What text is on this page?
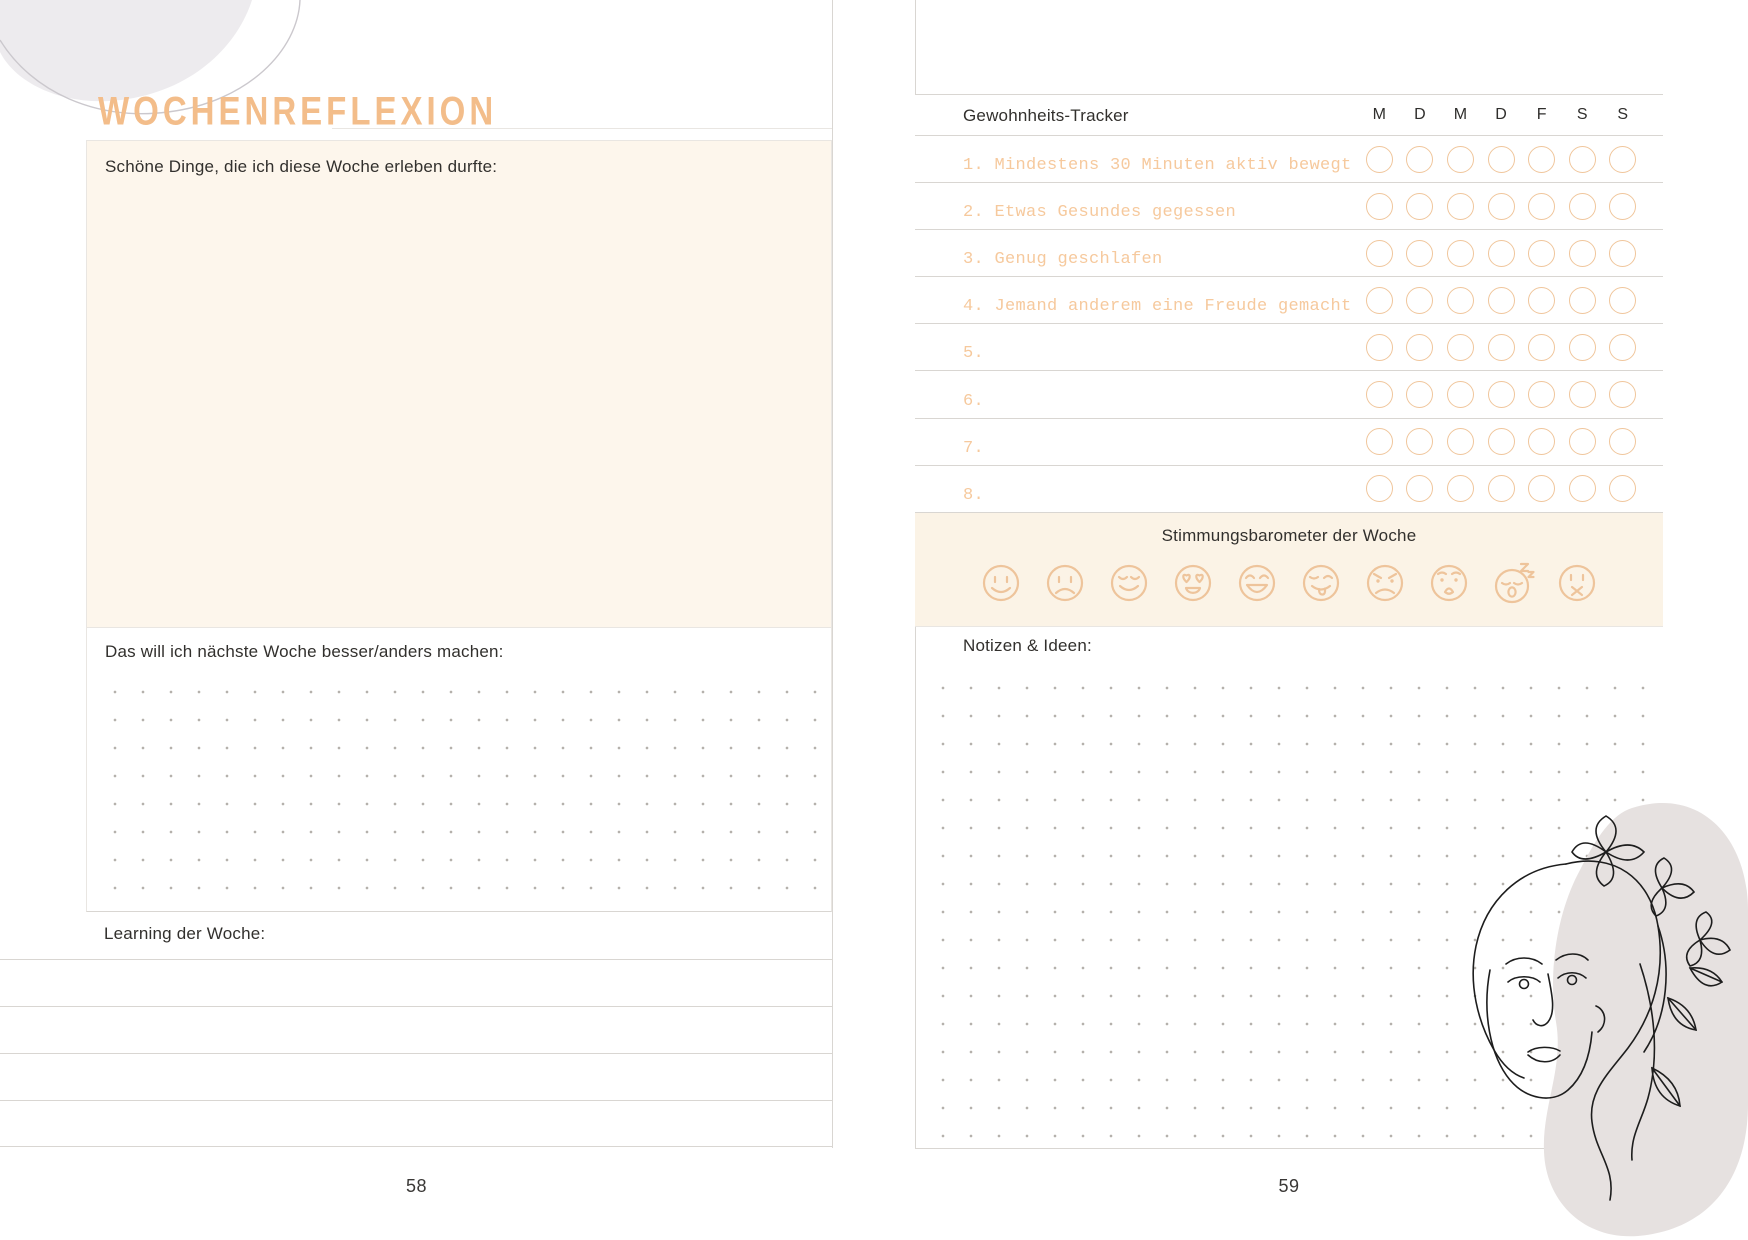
WOCHENREFLEXION
Schöne Dinge, die ich diese Woche erleben durfte:
Das will ich nächste Woche besser/anders machen:
Learning der Woche:
58
Gewohnheits-Tracker	M	D	M	D	F	S	S
1. Mindestens 30 Minuten aktiv bewegt
2. Etwas Gesundes gegessen
3. Genug geschlafen
4. Jemand anderem eine Freude gemacht
5.
6.
7.
8.
Stimmungsbarometer der Woche
Notizen & Ideen:
59
